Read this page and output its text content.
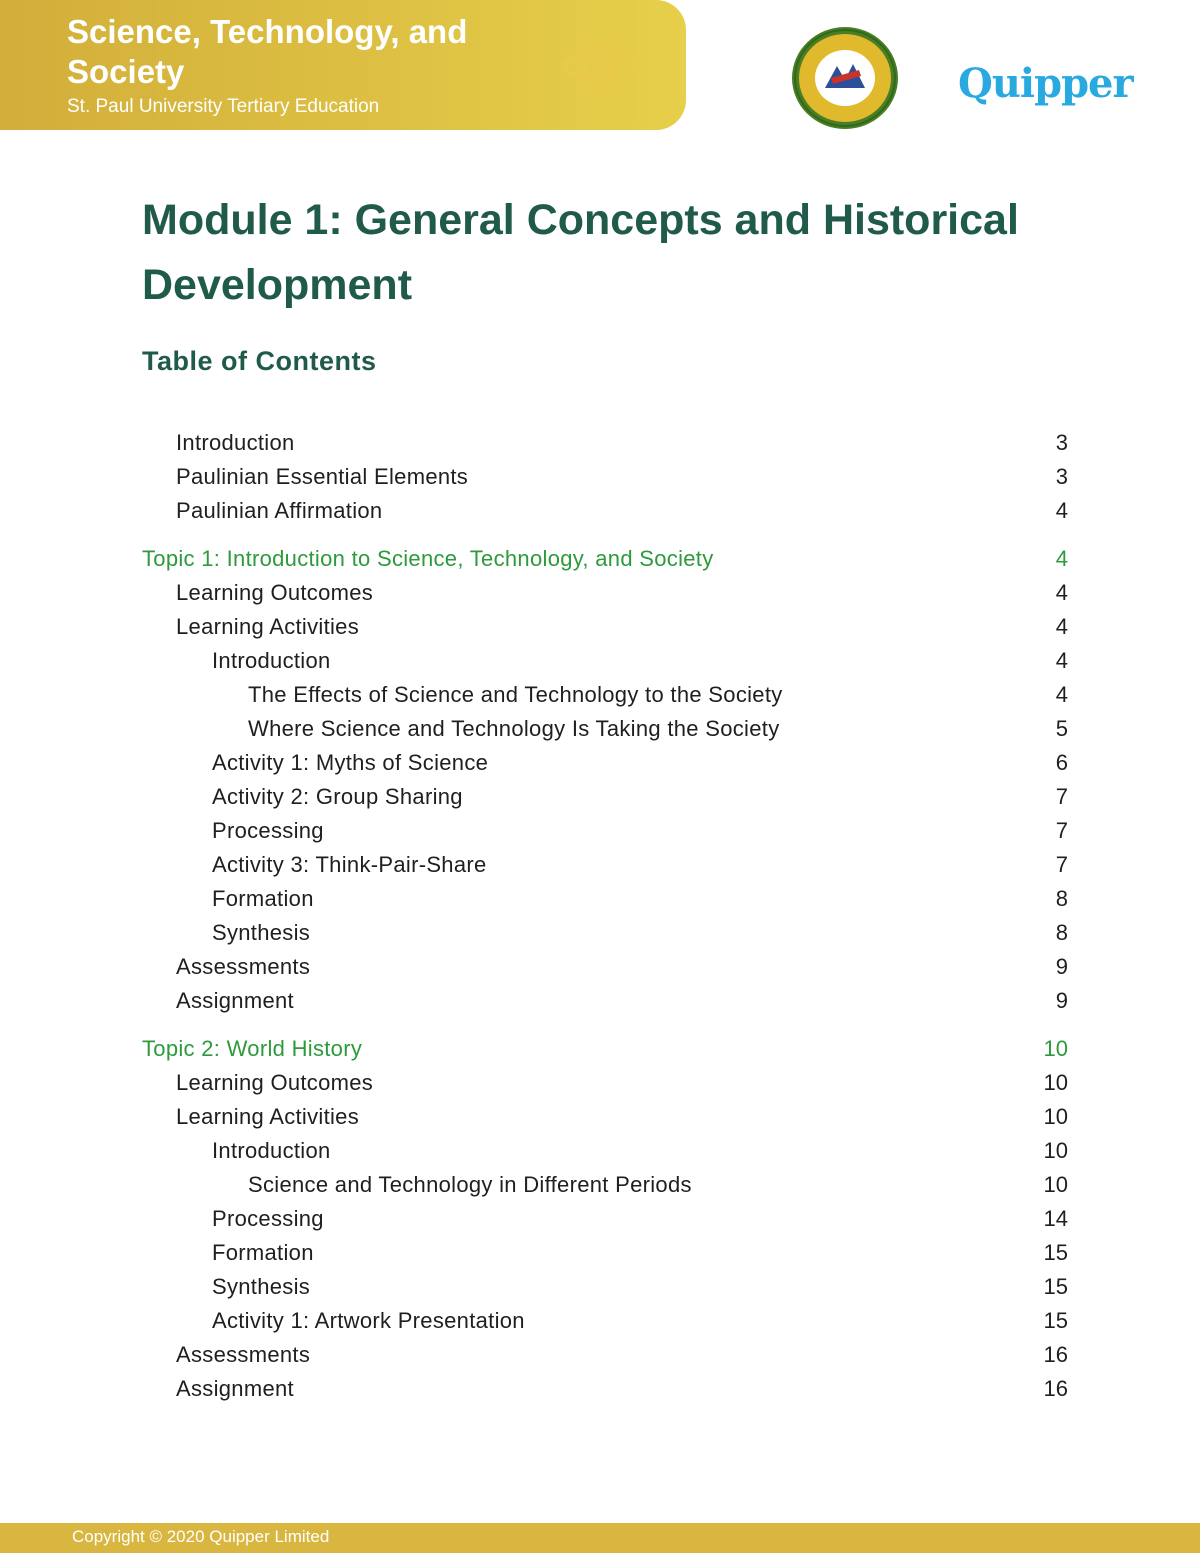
Science, Technology, and Society
St. Paul University Tertiary Education	Quipper
Module 1: General Concepts and Historical Development
Table of Contents
Introduction	3
Paulinian Essential Elements	3
Paulinian Affirmation	4
Topic 1: Introduction to Science, Technology, and Society	4
Learning Outcomes	4
Learning Activities	4
Introduction	4
The Effects of Science and Technology to the Society	4
Where Science and Technology Is Taking the Society	5
Activity 1: Myths of Science	6
Activity 2: Group Sharing	7
Processing	7
Activity 3: Think-Pair-Share	7
Formation	8
Synthesis	8
Assessments	9
Assignment	9
Topic 2: World History	10
Learning Outcomes	10
Learning Activities	10
Introduction	10
Science and Technology in Different Periods	10
Processing	14
Formation	15
Synthesis	15
Activity 1: Artwork Presentation	15
Assessments	16
Assignment	16
Copyright © 2020 Quipper Limited
